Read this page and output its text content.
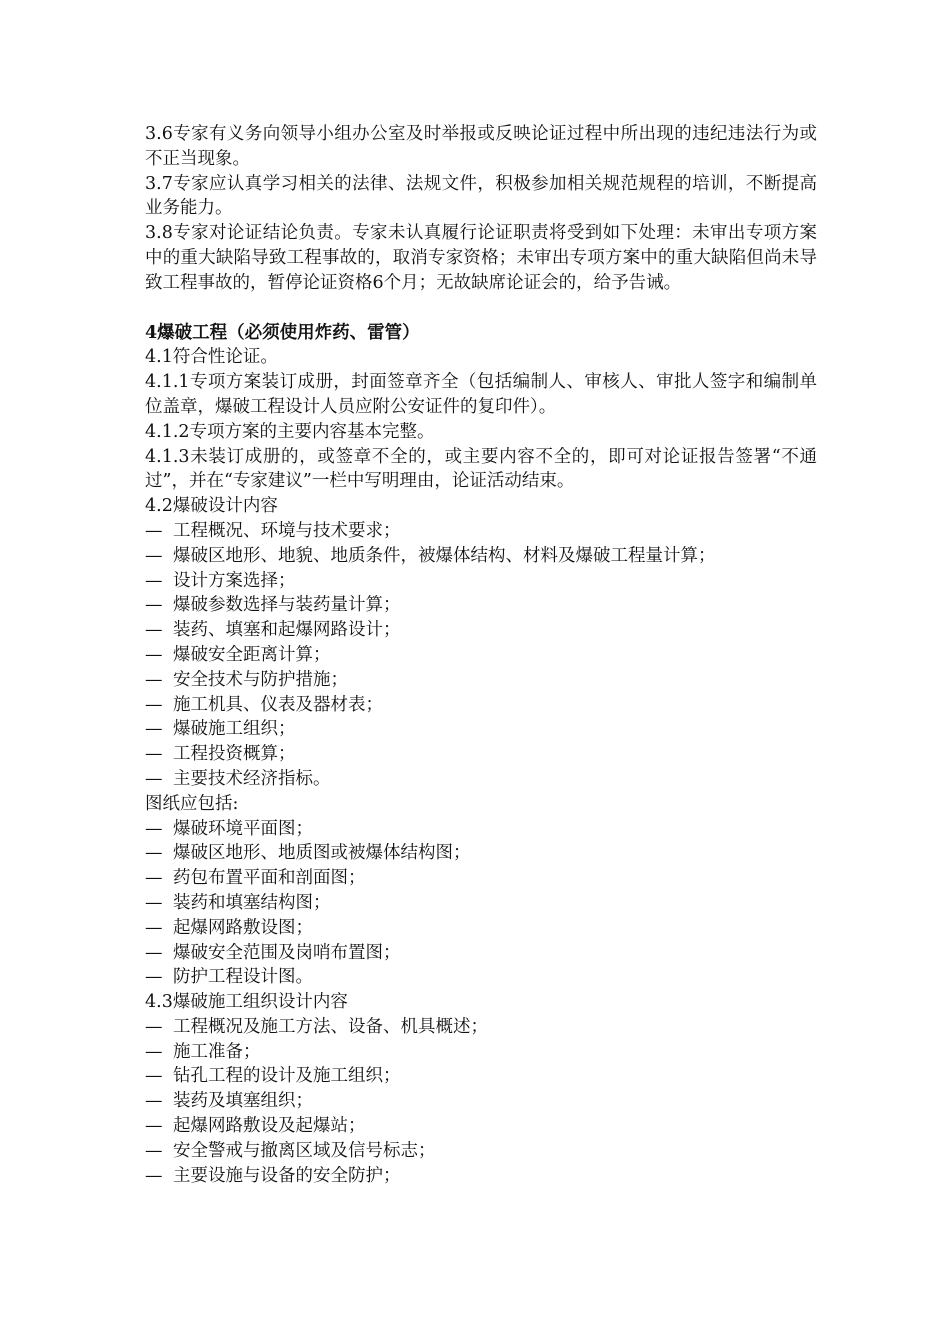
3.6专家有义务向领导小组办公室及时举报或反映论证过程中所出现的违纪违法行为或不正当现象。

3.7专家应认真学习相关的法律、法规文件，积极参加相关规范规程的培训，不断提高业务能力。

3.8专家对论证结论负责。专家未认真履行论证职责将受到如下处理：未审出专项方案中的重大缺陷导致工程事故的，取消专家资格；未审出专项方案中的重大缺陷但尚未导致工程事故的，暂停论证资格6个月；无故缺席论证会的，给予告诫。

4爆破工程（必须使用炸药、雷管）

4.1符合性论证。

4.1.1专项方案装订成册，封面签章齐全（包括编制人、审核人、审批人签字和编制单位盖章，爆破工程设计人员应附公安证件的复印件）。

4.1.2专项方案的主要内容基本完整。

4.1.3未装订成册的，或签章不全的，或主要内容不全的，即可对论证报告签署“不通过”，并在“专家建议”一栏中写明理由，论证活动结束。

4.2爆破设计内容

— 工程概况、环境与技术要求；

— 爆破区地形、地貌、地质条件，被爆体结构、材料及爆破工程量计算；

— 设计方案选择；

— 爆破参数选择与装药量计算；

— 装药、填塞和起爆网路设计；

— 爆破安全距离计算；

— 安全技术与防护措施；

— 施工机具、仪表及器材表；

— 爆破施工组织；

— 工程投资概算；

— 主要技术经济指标。

图纸应包括:

— 爆破环境平面图；

— 爆破区地形、地质图或被爆体结构图；

— 药包布置平面和剖面图；

— 装药和填塞结构图；

— 起爆网路敷设图；

— 爆破安全范围及岗哨布置图；

— 防护工程设计图。

4.3爆破施工组织设计内容

— 工程概况及施工方法、设备、机具概述；

— 施工准备；

— 钻孔工程的设计及施工组织；

— 装药及填塞组织；

— 起爆网路敷设及起爆站；

— 安全警戒与撤离区域及信号标志；

— 主要设施与设备的安全防护；
